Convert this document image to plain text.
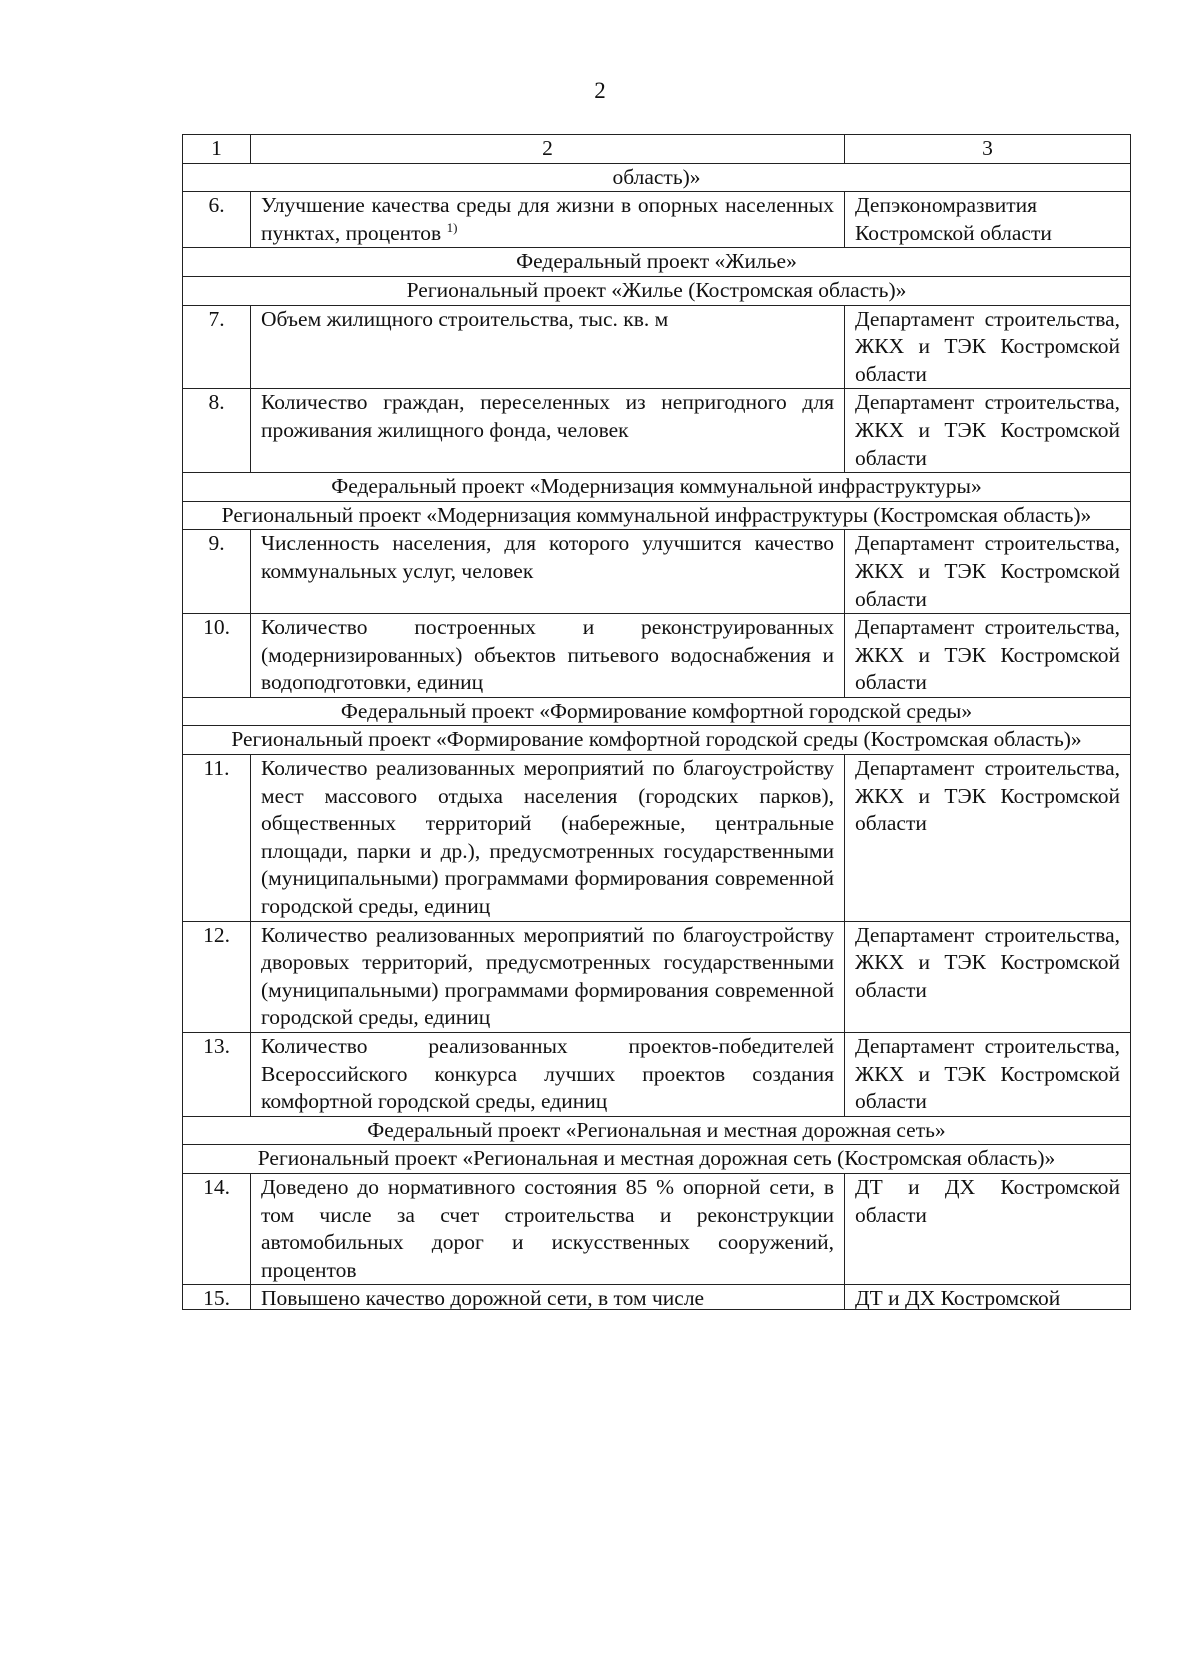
2
1	2	3
область)»		
6.	Улучшение качества среды для жизни в опорных населенных пунктах, процентов $^{1)}$	Депэкономразвития Костромской области
Федеральный проект «Жилье»		
Региональный проект «Жилье (Костромская область)»		
7.	Объем жилищного строительства, тыс. кв. м	Департамент строительства, ЖКХ и ТЭК Костромской области
8.	Количество граждан, переселенных из непригодного для проживания жилищного фонда, человек	Департамент строительства, ЖКХ и ТЭК Костромской области
Федеральный проект «Модернизация коммунальной инфраструктуры»		
Региональный проект «Модернизация коммунальной инфраструктуры (Костромская область)»		
9.	Численность населения, для которого улучшится качество коммунальных услуг, человек	Департамент строительства, ЖКХ и ТЭК Костромской области
10.	Количество построенных и реконструированных (модернизированных) объектов питьевого водоснабжения и водоподготовки, единиц	Департамент строительства, ЖКХ и ТЭК Костромской области
Федеральный проект «Формирование комфортной городской среды»		
Региональный проект «Формирование комфортной городской среды (Костромская область)»		
11.	Количество реализованных мероприятий по благоустройству мест массового отдыха населения (городских парков), общественных территорий (набережные, центральные площади, парки и др.), предусмотренных государственными (муниципальными) программами формирования современной городской среды, единиц	Департамент строительства, ЖКХ и ТЭК Костромской области
12.	Количество реализованных мероприятий по благоустройству дворовых территорий, предусмотренных государственными (муниципальными) программами формирования современной городской среды, единиц	Департамент строительства, ЖКХ и ТЭК Костромской области
13.	Количество реализованных проектов-победителей Всероссийского конкурса лучших проектов создания комфортной городской среды, единиц	Департамент строительства, ЖКХ и ТЭК Костромской области
Федеральный проект «Региональная и местная дорожная сеть»		
Региональный проект «Региональная и местная дорожная сеть (Костромская область)»		
14.	Доведено до нормативного состояния 85 % опорной сети, в том числе за счет строительства и реконструкции автомобильных дорог и искусственных сооружений, процентов	ДТ и ДХ Костромской области

15.	Повышено качество дорожной сети, в том числе	ДТ и ДХ Костромской
